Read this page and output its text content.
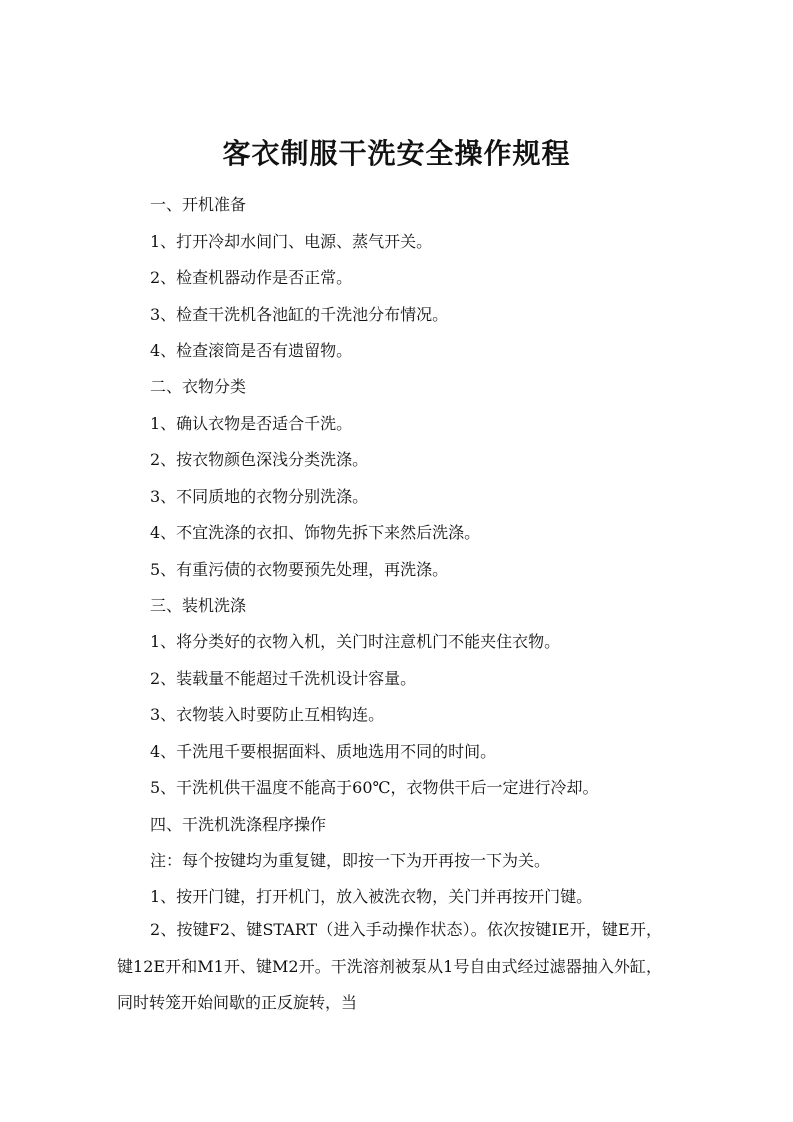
客衣制服干洗安全操作规程
一、开机准备
1、打开冷却水间门、电源、蒸气开关。
2、检查机器动作是否正常。
3、检查干洗机各池缸的千洗池分布情况。
4、检查滚筒是否有遗留物。
二、衣物分类
1、确认衣物是否适合千洗。
2、按衣物颜色深浅分类洗涤。
3、不同质地的衣物分别洗涤。
4、不宜洗涤的衣扣、饰物先拆下来然后洗涤。
5、有重污债的衣物要预先处理，再洗涤。
三、装机洗涤
1、将分类好的衣物入机，关门时注意机门不能夹住衣物。
2、装载量不能超过千洗机设计容量。
3、衣物装入时要防止互相钩连。
4、千洗甩千要根据面料、质地选用不同的时间。
5、干洗机供干温度不能高于60℃，衣物供干后一定进行冷却。
四、干洗机洗涤程序操作
注：每个按键均为重复键，即按一下为开再按一下为关。
1、按开门键，打开机门，放入被洗衣物，关门并再按开门键。
2、按键F2、键START（进入手动操作状态）。依次按键IE开，键E开， 键12E开和M1开、键M2开。干洗溶剂被泵从1号自由式经过滤器抽入外缸， 同时转笼开始间歇的正反旋转，当
